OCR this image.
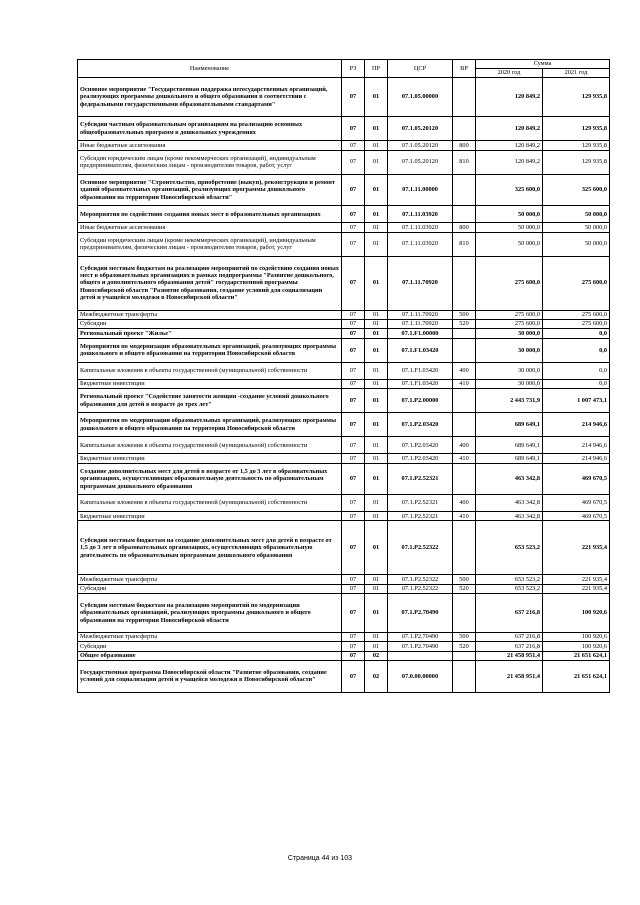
Наименование	РЗ	ПР	ЦСР	ВР	Сумма	
					2020 год	2021 год
Основное мероприятие "Государственная поддержка негосударственных организаций, реализующих программы дошкольного и общего образования в соответствии с федеральными государственными образовательными стандартами"	07	01	07.1.05.00000		120 849,2	129 935,8
Субсидии частным образовательным организациям на реализацию основных общеобразовательных программ в дошкольных учреждениях	07	01	07.1.05.20120		120 849,2	129 935,8
Иные бюджетные ассигнования	07	01	07.1.05.20120	800	120 849,2	129 935,8
Субсидии юридическим лицам (кроме некоммерческих организаций), индивидуальным предпринимателям, физическим лицам - производителям товаров, работ, услуг	07	01	07.1.05.20120	810	120 849,2	129 935,8
Основное мероприятие "Строительство, приобретение (выкуп), реконструкция и ремонт зданий образовательных организаций, реализующих программы дошкольного образования на территории Новосибирской области"	07	01	07.1.11.00000		325 600,0	325 600,0
Мероприятия по содействию создания новых мест в образовательных организациях	07	01	07.1.11.03920		50 000,0	50 000,0
Иные бюджетные ассигнования	07	01	07.1.11.03920	800	50 000,0	50 000,0
Субсидии юридическим лицам (кроме некоммерческих организаций), индивидуальным предпринимателям, физическим лицам - производителям товаров, работ, услуг	07	01	07.1.11.03920	810	50 000,0	50 000,0
Субсидии местным бюджетам на реализацию мероприятий по содействию создания новых мест в образовательных организациях в рамках подпрограммы "Развитие дошкольного, общего и дополнительного образования детей" государственной программы Новосибирской области "Развитие образования, создание условий для социализации детей и учащейся молодежи в Новосибирской области"	07	01	07.1.11.70920		275 600,0	275 600,0
Межбюджетные трансферты	07	01	07.1.11.70920	500	275 600,0	275 600,0
Субсидии	07	01	07.1.11.70920	520	275 600,0	275 600,0
Региональный проект "Жилье"	07	01	07.1.F1.00000		30 000,0	0,0
Мероприятия по модернизации образовательных организаций, реализующих программы дошкольного и общего образования на территории Новосибирской области	07	01	07.1.F1.03420		30 000,0	0,0
Капитальные вложения в объекты государственной (муниципальной) собственности	07	01	07.1.F1.03420	400	30 000,0	0,0
Бюджетные инвестиции	07	01	07.1.F1.03420	410	30 000,0	0,0
Региональный проект "Содействие занятости женщин -создание условий дошкольного образования для детей в возрасте до трех лет"	07	01	07.1.P2.00000		2 443 731,9	1 007 473,1
Мероприятия по модернизации образовательных организаций, реализующих программы дошкольного и общего образования на территории Новосибирской области	07	01	07.1.P2.03420		689 649,1	214 946,6
Капитальные вложения в объекты государственной (муниципальной) собственности	07	01	07.1.P2.03420	400	689 649,1	214 946,6
Бюджетные инвестиции	07	01	07.1.P2.03420	410	689 649,1	214 946,6
Создание дополнительных мест для детей в возрасте от 1,5 до 3 лет в образовательных организациях, осуществляющих образовательную деятельность по образовательным программам дошкольного образования	07	01	07.1.P2.52321		463 342,8	469 670,5
Капитальные вложения в объекты государственной (муниципальной) собственности	07	01	07.1.P2.52321	400	463 342,8	469 670,5
Бюджетные инвестиции	07	01	07.1.P2.52321	410	463 342,8	469 670,5
Субсидии местным бюджетам на создание дополнительных мест для детей в возрасте от 1,5 до 3 лет в образовательных организациях, осуществляющих образовательную деятельность по образовательным программам дошкольного образования	07	01	07.1.P2.52322		653 523,2	221 935,4
Межбюджетные трансферты	07	01	07.1.P2.52322	500	653 523,2	221 935,4
Субсидии	07	01	07.1.P2.52322	520	653 523,2	221 935,4
Субсидии местным бюджетам на реализацию мероприятий по модернизации образовательных организаций, реализующих программы дошкольного и общего образования на территории Новосибирской области	07	01	07.1.P2.70490		637 216,8	100 920,6
Межбюджетные трансферты	07	01	07.1.P2.70490	500	637 216,8	100 920,6
Субсидии	07	01	07.1.P2.70490	520	637 216,8	100 920,6
Общее образование	07	02			21 458 951,4	21 651 624,1
Государственная программа Новосибирской области "Развитие образования, создание условий для социализации детей и учащейся молодежи в Новосибирской области"	07	02	07.0.00.00000		21 458 951,4	21 651 624,1
Страница 44 из 103
